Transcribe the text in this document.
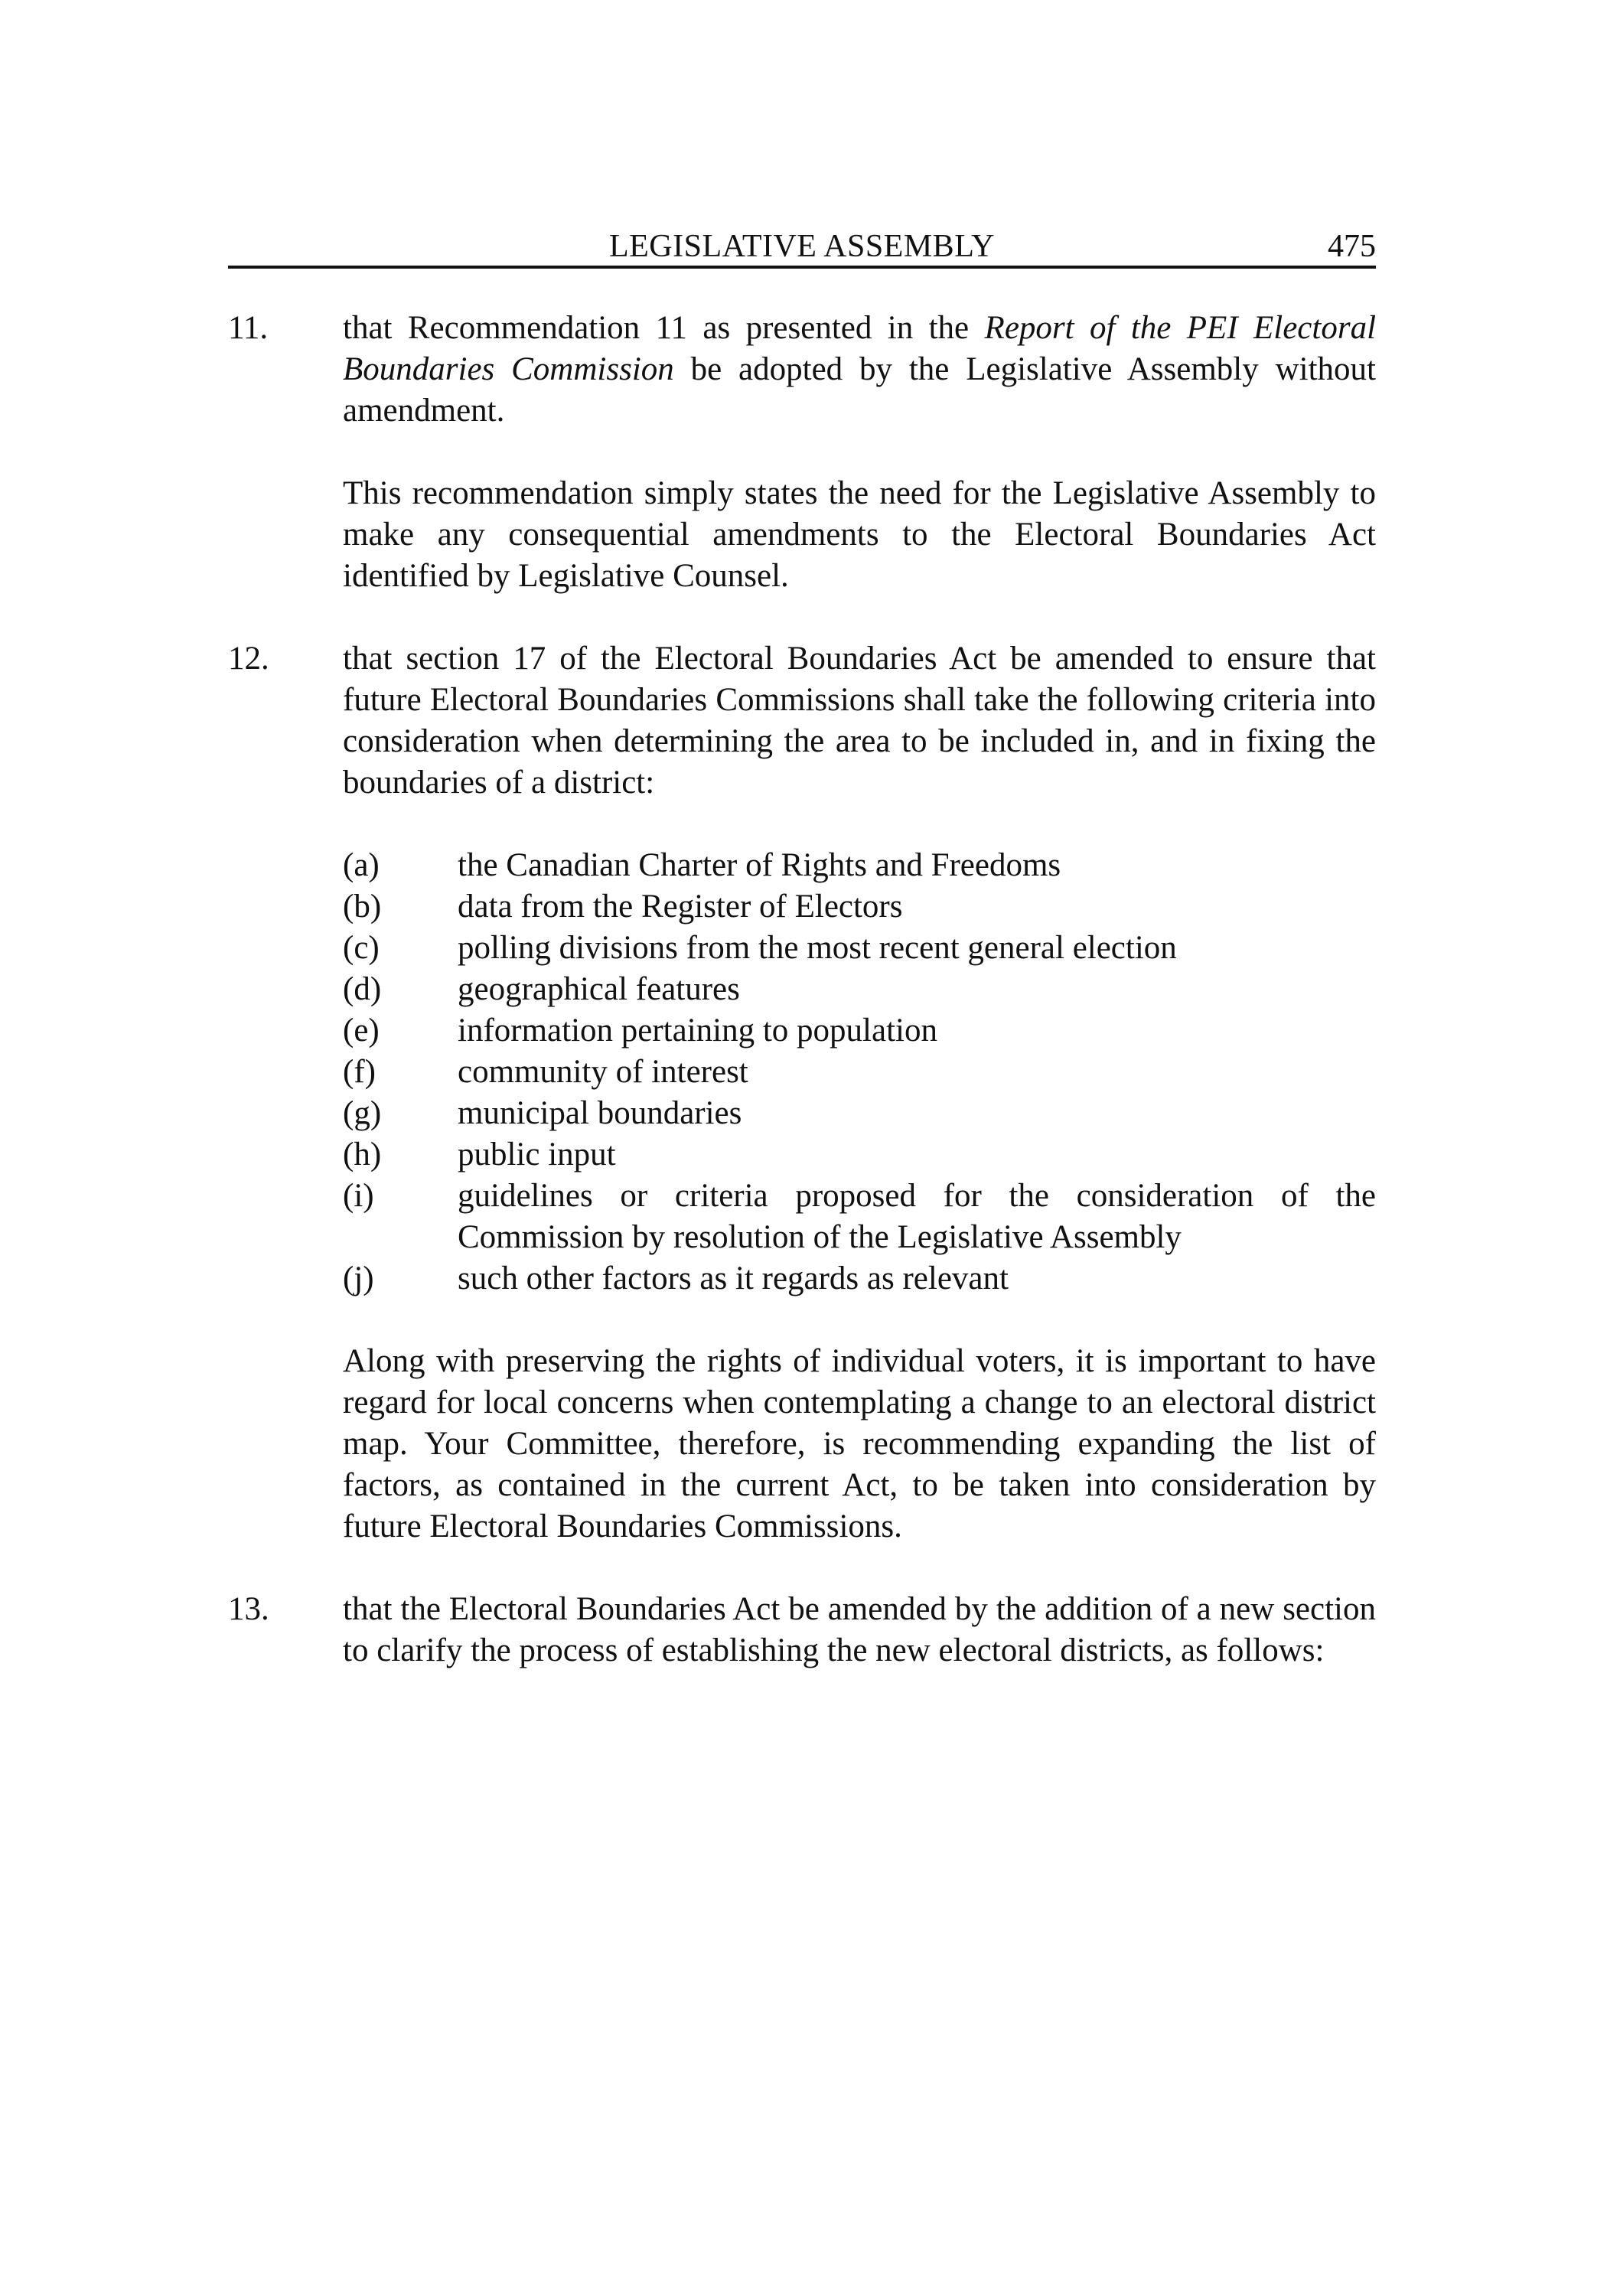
LEGISLATIVE ASSEMBLY	475
11. that Recommendation 11 as presented in the Report of the PEI Electoral Boundaries Commission be adopted by the Legislative Assembly without amendment.

This recommendation simply states the need for the Legislative Assembly to make any consequential amendments to the Electoral Boundaries Act identified by Legislative Counsel.

12. that section 17 of the Electoral Boundaries Act be amended to ensure that future Electoral Boundaries Commissions shall take the following criteria into consideration when determining the area to be included in, and in fixing the boundaries of a district:

(a) the Canadian Charter of Rights and Freedoms
(b) data from the Register of Electors
(c) polling divisions from the most recent general election
(d) geographical features
(e) information pertaining to population
(f) community of interest
(g) municipal boundaries
(h) public input
(i)	guidelines or criteria proposed for the consideration of the Commission by resolution of the Legislative Assembly
(j)	such other factors as it regards as relevant

Along with preserving the rights of individual voters, it is important to have regard for local concerns when contemplating a change to an electoral district map. Your Committee, therefore, is recommending expanding the list of factors, as contained in the current Act, to be taken into consideration by future Electoral Boundaries Commissions.

13. that the Electoral Boundaries Act be amended by the addition of a new section to clarify the process of establishing the new electoral districts, as follows:
